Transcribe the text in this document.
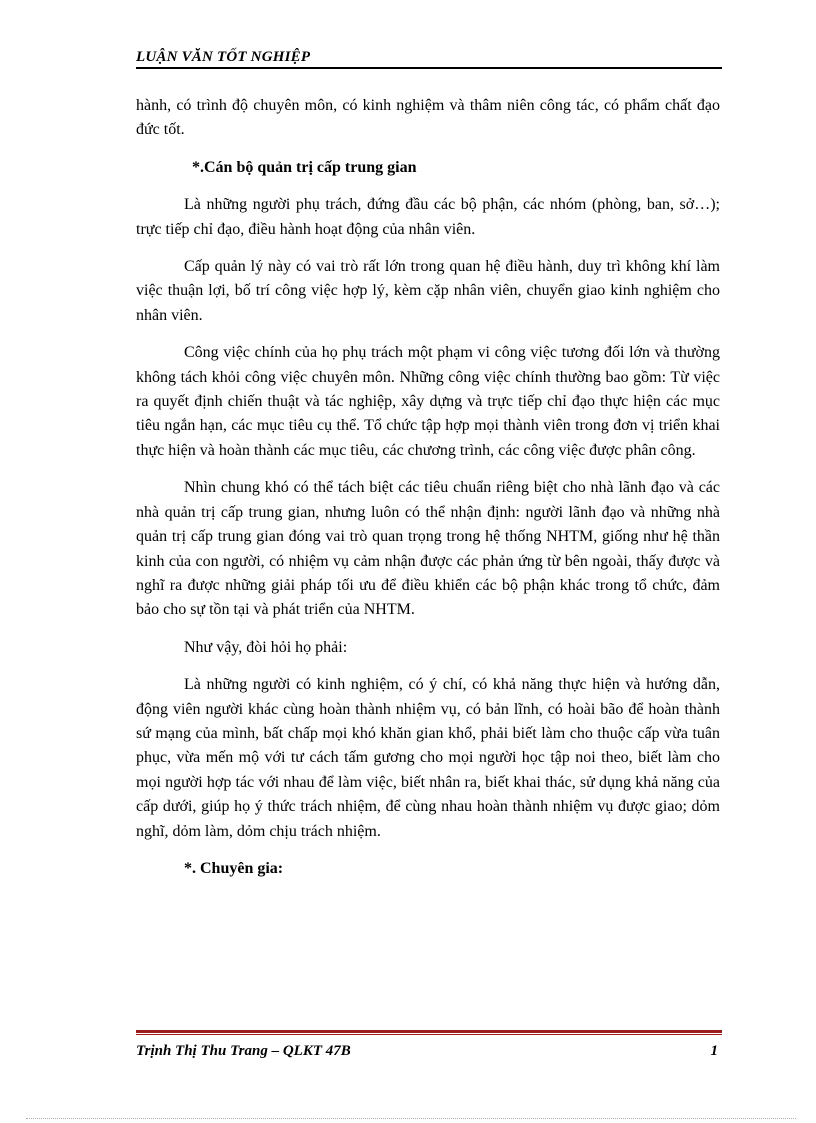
LUẬN VĂN TỐT NGHIỆP

hành, có trình độ chuyên môn, có kinh nghiệm và thâm niên công tác, có phẩm chất đạo đức tốt.

*.Cán bộ quản trị cấp trung gian

Là những người phụ trách, đứng đầu các bộ phận, các nhóm (phòng, ban, sở…); trực tiếp chỉ đạo, điều hành hoạt động của nhân viên.

Cấp quản lý này có vai trò rất lớn trong quan hệ điều hành, duy trì không khí làm việc thuận lợi, bố trí công việc hợp lý, kèm cặp nhân viên, chuyển giao kinh nghiệm cho nhân viên.

Công việc chính của họ phụ trách một phạm vi công việc tương đối lớn và thường không tách khỏi công việc chuyên môn. Những công việc chính thường bao gồm: Từ việc ra quyết định chiến thuật và tác nghiệp, xây dựng và trực tiếp chỉ đạo thực hiện các mục tiêu ngắn hạn, các mục tiêu cụ thể. Tổ chức tập hợp mọi thành viên trong đơn vị triển khai thực hiện và hoàn thành các mục tiêu, các chương trình, các công việc được phân công.

Nhìn chung khó có thể tách biệt các tiêu chuẩn riêng biệt cho nhà lãnh đạo và các nhà quản trị cấp trung gian, nhưng luôn có thể nhận định: người lãnh đạo và những nhà quản trị cấp trung gian đóng vai trò quan trọng trong hệ thống NHTM, giống như hệ thần kinh của con người, có nhiệm vụ cảm nhận được các phản ứng từ bên ngoài, thấy được và nghĩ ra được những giải pháp tối ưu để điều khiển các bộ phận khác trong tổ chức, đảm bảo cho sự tồn tại và phát triển của NHTM.

Như vậy, đòi hỏi họ phải:

Là những người có kinh nghiệm, có ý chí, có khả năng thực hiện và hướng dẫn, động viên người khác cùng hoàn thành nhiệm vụ, có bản lĩnh, có hoài bão để hoàn thành sứ mạng của mình, bất chấp mọi khó khăn gian khổ, phải biết làm cho thuộc cấp vừa tuân phục, vừa mến mộ với tư cách tấm gương cho mọi người học tập noi theo, biết làm cho mọi người hợp tác với nhau để làm việc, biết nhân ra, biết khai thác, sử dụng khả năng của cấp dưới, giúp họ ý thức trách nhiệm, để cùng nhau hoàn thành nhiệm vụ được giao; dỏm nghĩ, dỏm làm, dỏm chịu trách nhiệm.

*. Chuyên gia:
Trịnh Thị Thu Trang – QLKT 47B	1
